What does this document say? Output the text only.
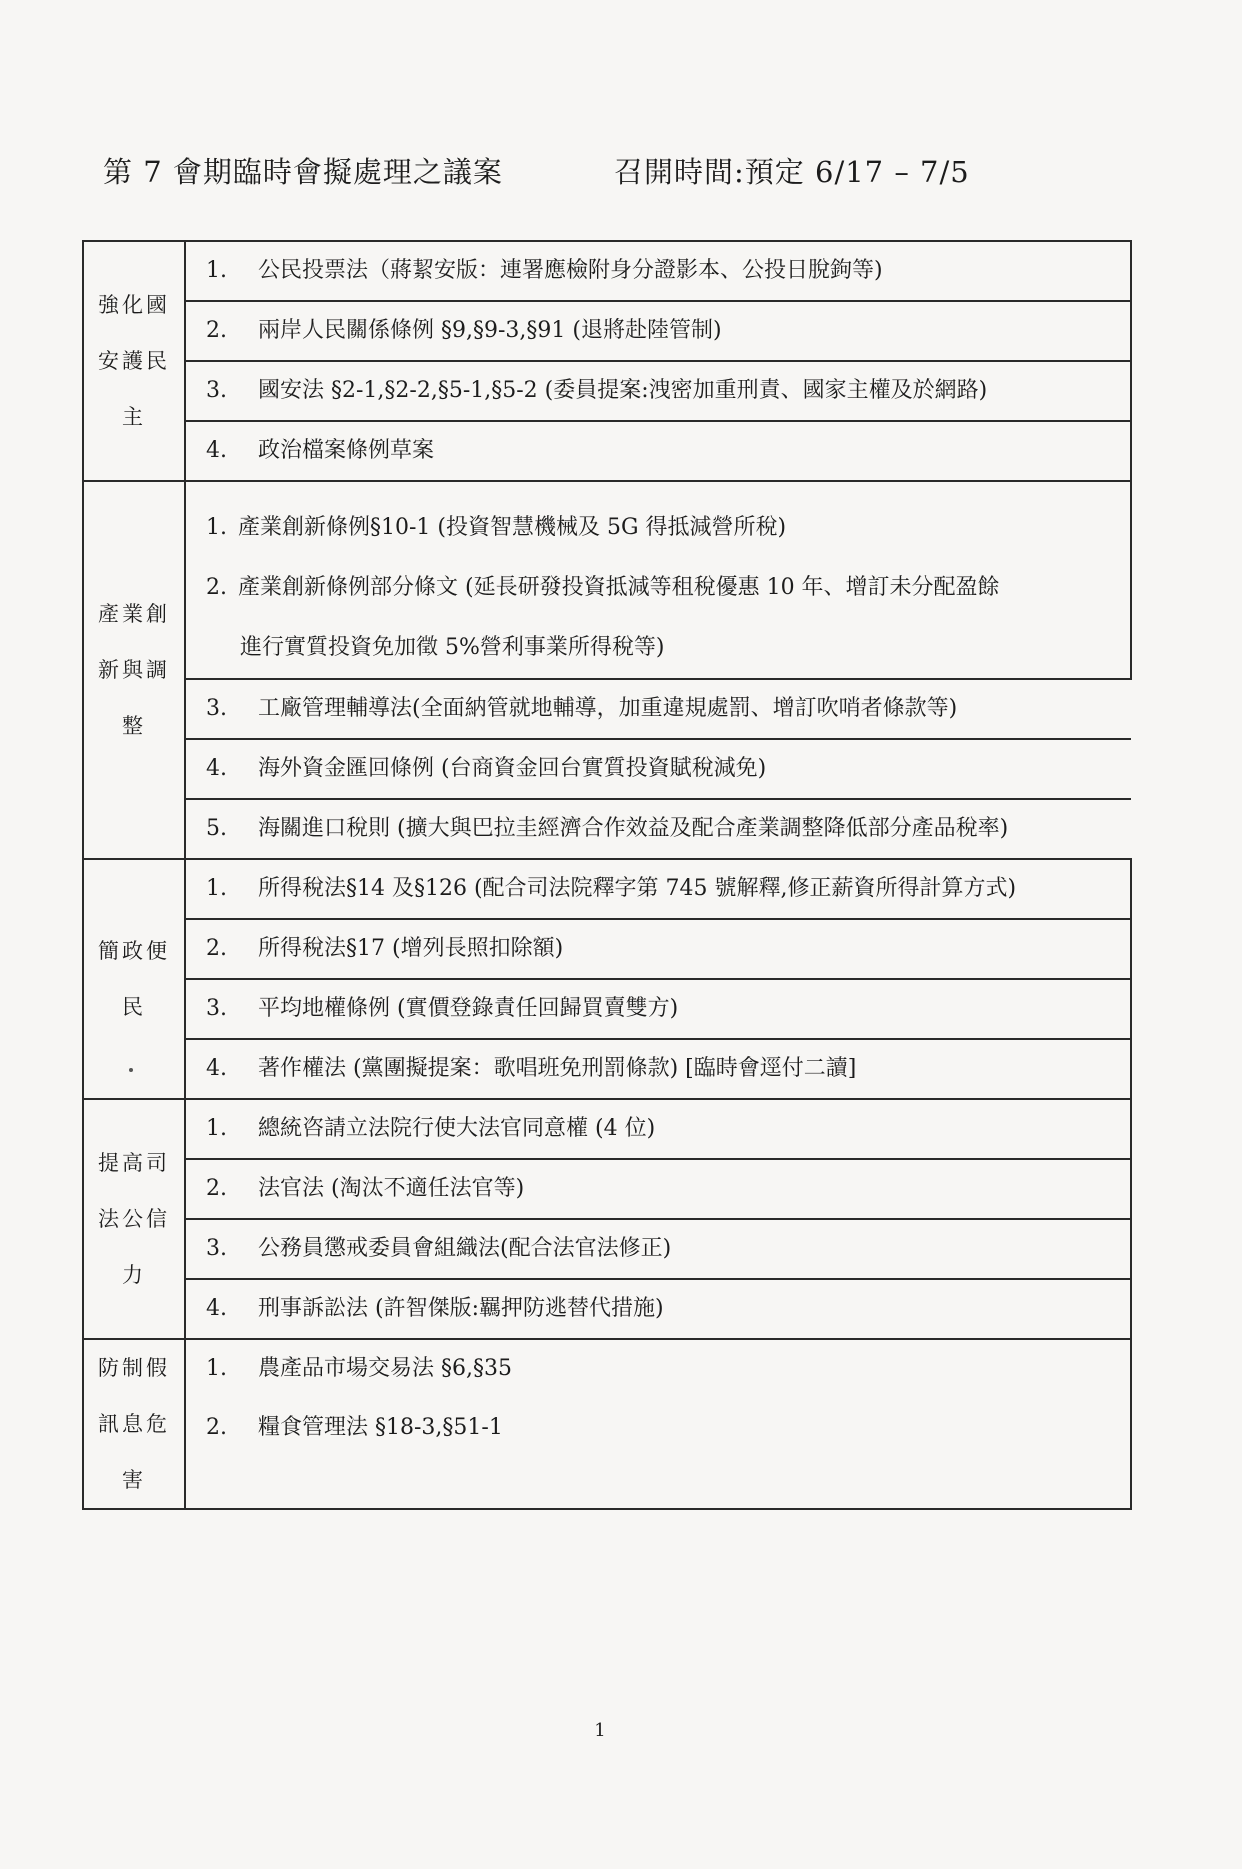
第 7 會期臨時會擬處理之議案	召開時間:預定 6/17 – 7/5
強化國安護民主	1. 公民投票法（蔣絜安版：連署應檢附身分證影本、公投日脫鉤等)
2. 兩岸人民關係條例 §9,§9-3,§91 (退將赴陸管制)
3. 國安法 §2-1,§2-2,§5-1,§5-2 (委員提案:洩密加重刑責、國家主權及於網路)
4. 政治檔案條例草案
產業創新與調整	
1. 產業創新條例§10-1 (投資智慧機械及 5G 得抵減營所稅)
2. 產業創新條例部分條文 (延長研發投資抵減等租稅優惠 10 年、增訂未分配盈餘
進行實質投資免加徵 5%營利事業所得稅等)

3. 工廠管理輔導法(全面納管就地輔導，加重違規處罰、增訂吹哨者條款等)
4. 海外資金匯回條例 (台商資金回台實質投資賦稅減免)
5. 海關進口稅則 (擴大與巴拉圭經濟合作效益及配合產業調整降低部分產品稅率)

簡政便民	1. 所得稅法§14 及§126 (配合司法院釋字第 745 號解釋,修正薪資所得計算方式)
2. 所得稅法§17 (增列長照扣除額)
3. 平均地權條例 (實價登錄責任回歸買賣雙方)
4. 著作權法 (黨團擬提案：歌唱班免刑罰條款) [臨時會逕付二讀]
提高司法公信力	1. 總統咨請立法院行使大法官同意權 (4 位)
2. 法官法 (淘汰不適任法官等)
3. 公務員懲戒委員會組織法(配合法官法修正)
4. 刑事訴訟法 (許智傑版:羈押防逃替代措施)
防制假訊息危害	1. 農產品市場交易法 §6,§35
2. 糧食管理法 §18-3,§51-1

1
